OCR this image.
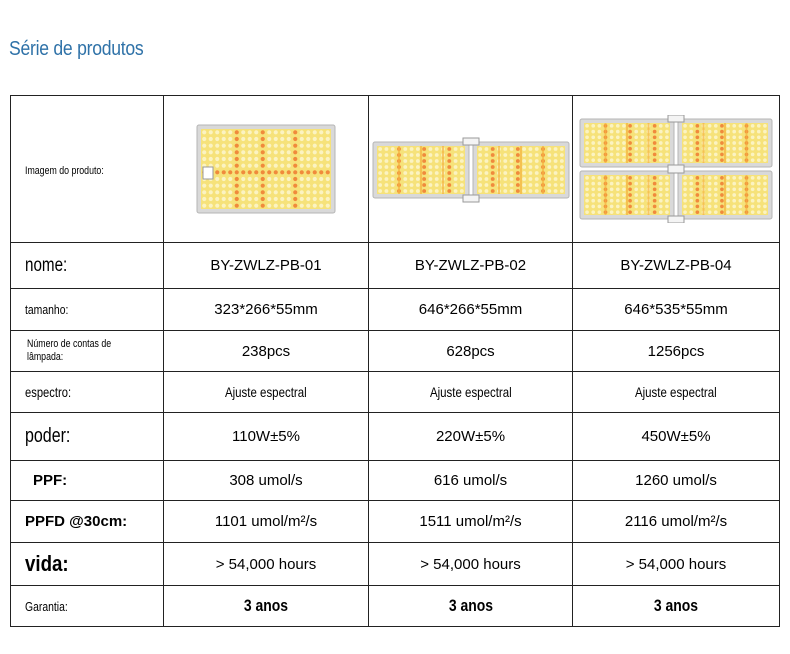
Série de produtos
Imagem do produto:	

nome:	BY-ZWLZ-PB-01	BY-ZWLZ-PB-02	BY-ZWLZ-PB-04
tamanho:	323*266*55mm	646*266*55mm	646*535*55mm
Número de contas de lâmpada:	238pcs	628pcs	1256pcs
espectro:	Ajuste espectral	Ajuste espectral	Ajuste espectral
poder:	110W±5%	220W±5%	450W±5%
PPF:	308 umol/s	616 umol/s	1260 umol/s
PPFD @30cm:	1101 umol/m²/s	1511 umol/m²/s	2116 umol/m²/s
vida:	> 54,000 hours	> 54,000 hours	> 54,000 hours
Garantia:	3 anos	3 anos	3 anos
